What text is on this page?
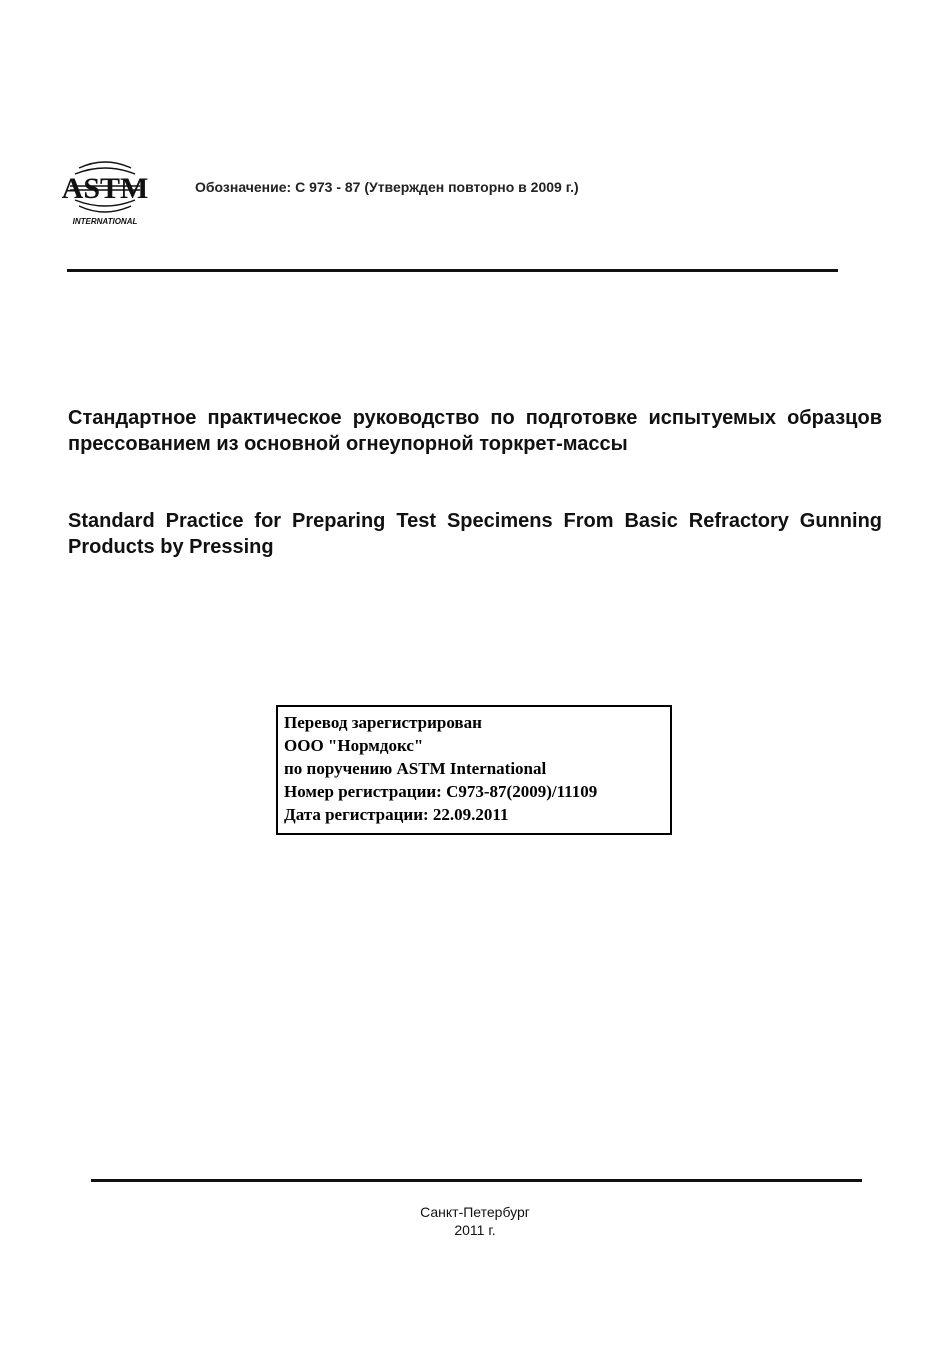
ASTM
INTERNATIONAL
Обозначение: С 973 - 87 (Утвержден повторно в 2009 г.)
Стандартное практическое руководство по подготовке испытуемых образцов прессованием из основной огнеупорной торкрет-массы
Standard Practice for Preparing Test Specimens From Basic Refractory Gunning Products by Pressing
Перевод зарегистрирован
ООО "Нормдокс"
по поручению ASTM International
Номер регистрации: С973-87(2009)/11109
Дата регистрации: 22.09.2011
Санкт-Петербург
2011 г.
